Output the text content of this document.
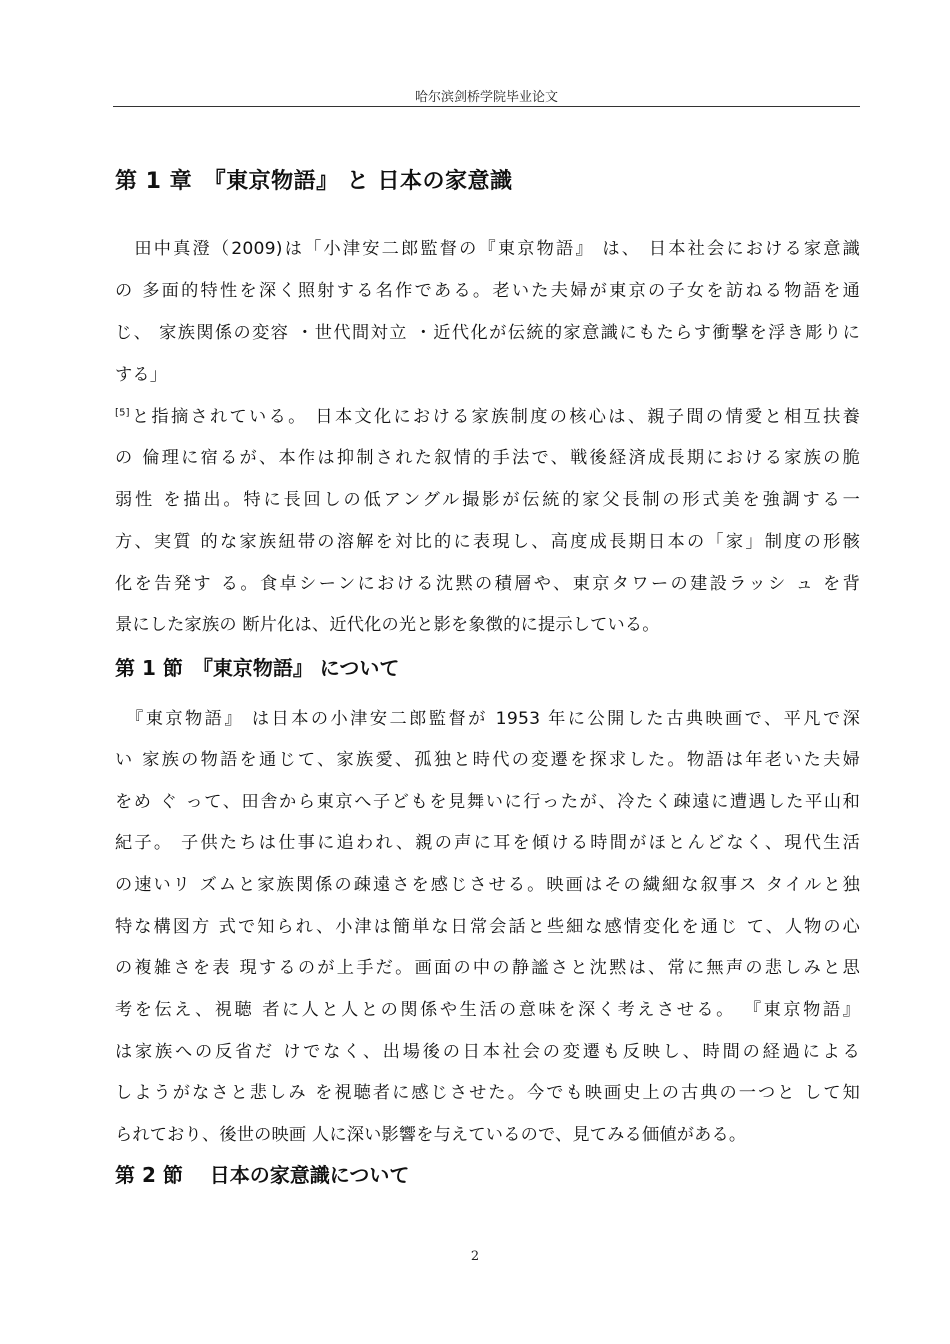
哈尔滨剑桥学院毕业论文
第 1 章　『東京物語』 と 日本の家意識
　田中真澄（2009)は「小津安二郎監督の『東京物語』 は、 日本社会における家意識
の 多面的特性を深く照射する名作である。老いた夫婦が東京の子女を訪ねる物語を通
じ、 家族関係の変容 ・世代間対立 ・近代化が伝統的家意識にもたらす衝撃を浮き彫りに
する」
[5]と指摘されている。 日本文化における家族制度の核心は、親子間の情愛と相互扶養
の 倫理に宿るが、本作は抑制された叙情的手法で、戦後経済成長期における家族の脆
弱性 を描出。特に長回しの低アングル撮影が伝統的家父長制の形式美を強調する一
方、実質 的な家族紐帯の溶解を対比的に表現し、高度成長期日本の「家」制度の形骸
化を告発す る。食卓シーンにおける沈黙の積層や、東京タワーの建設ラッシ ュ を背
景にした家族の 断片化は、近代化の光と影を象徴的に提示している。
第 1 節　『東京物語』 について
　『東京物語』 は日本の小津安二郎監督が 1953 年に公開した古典映画で、平凡で深
い 家族の物語を通じて、家族愛、孤独と時代の変遷を探求した。物語は年老いた夫婦
をめ ぐ って、田舎から東京へ子どもを見舞いに行ったが、冷たく疎遠に遭遇した平山和
紀子。 子供たちは仕事に追われ、親の声に耳を傾ける時間がほとんどなく、現代生活
の速いリ ズムと家族関係の疎遠さを感じさせる。映画はその繊細な叙事ス タイルと独
特な構図方 式で知られ、小津は簡単な日常会話と些細な感情変化を通じ て、人物の心
の複雑さを表 現するのが上手だ。画面の中の静謐さと沈黙は、常に無声の悲しみと思
考を伝え、視聴 者に人と人との関係や生活の意味を深く考えさせる。 『東京物語』
は家族への反省だ けでなく、出場後の日本社会の変遷も反映し、時間の経過による
しようがなさと悲しみ を視聴者に感じさせた。今でも映画史上の古典の一つと して知
られており、後世の映画 人に深い影響を与えているので、見てみる価値がある。
第 2 節　 日本の家意識について
2
